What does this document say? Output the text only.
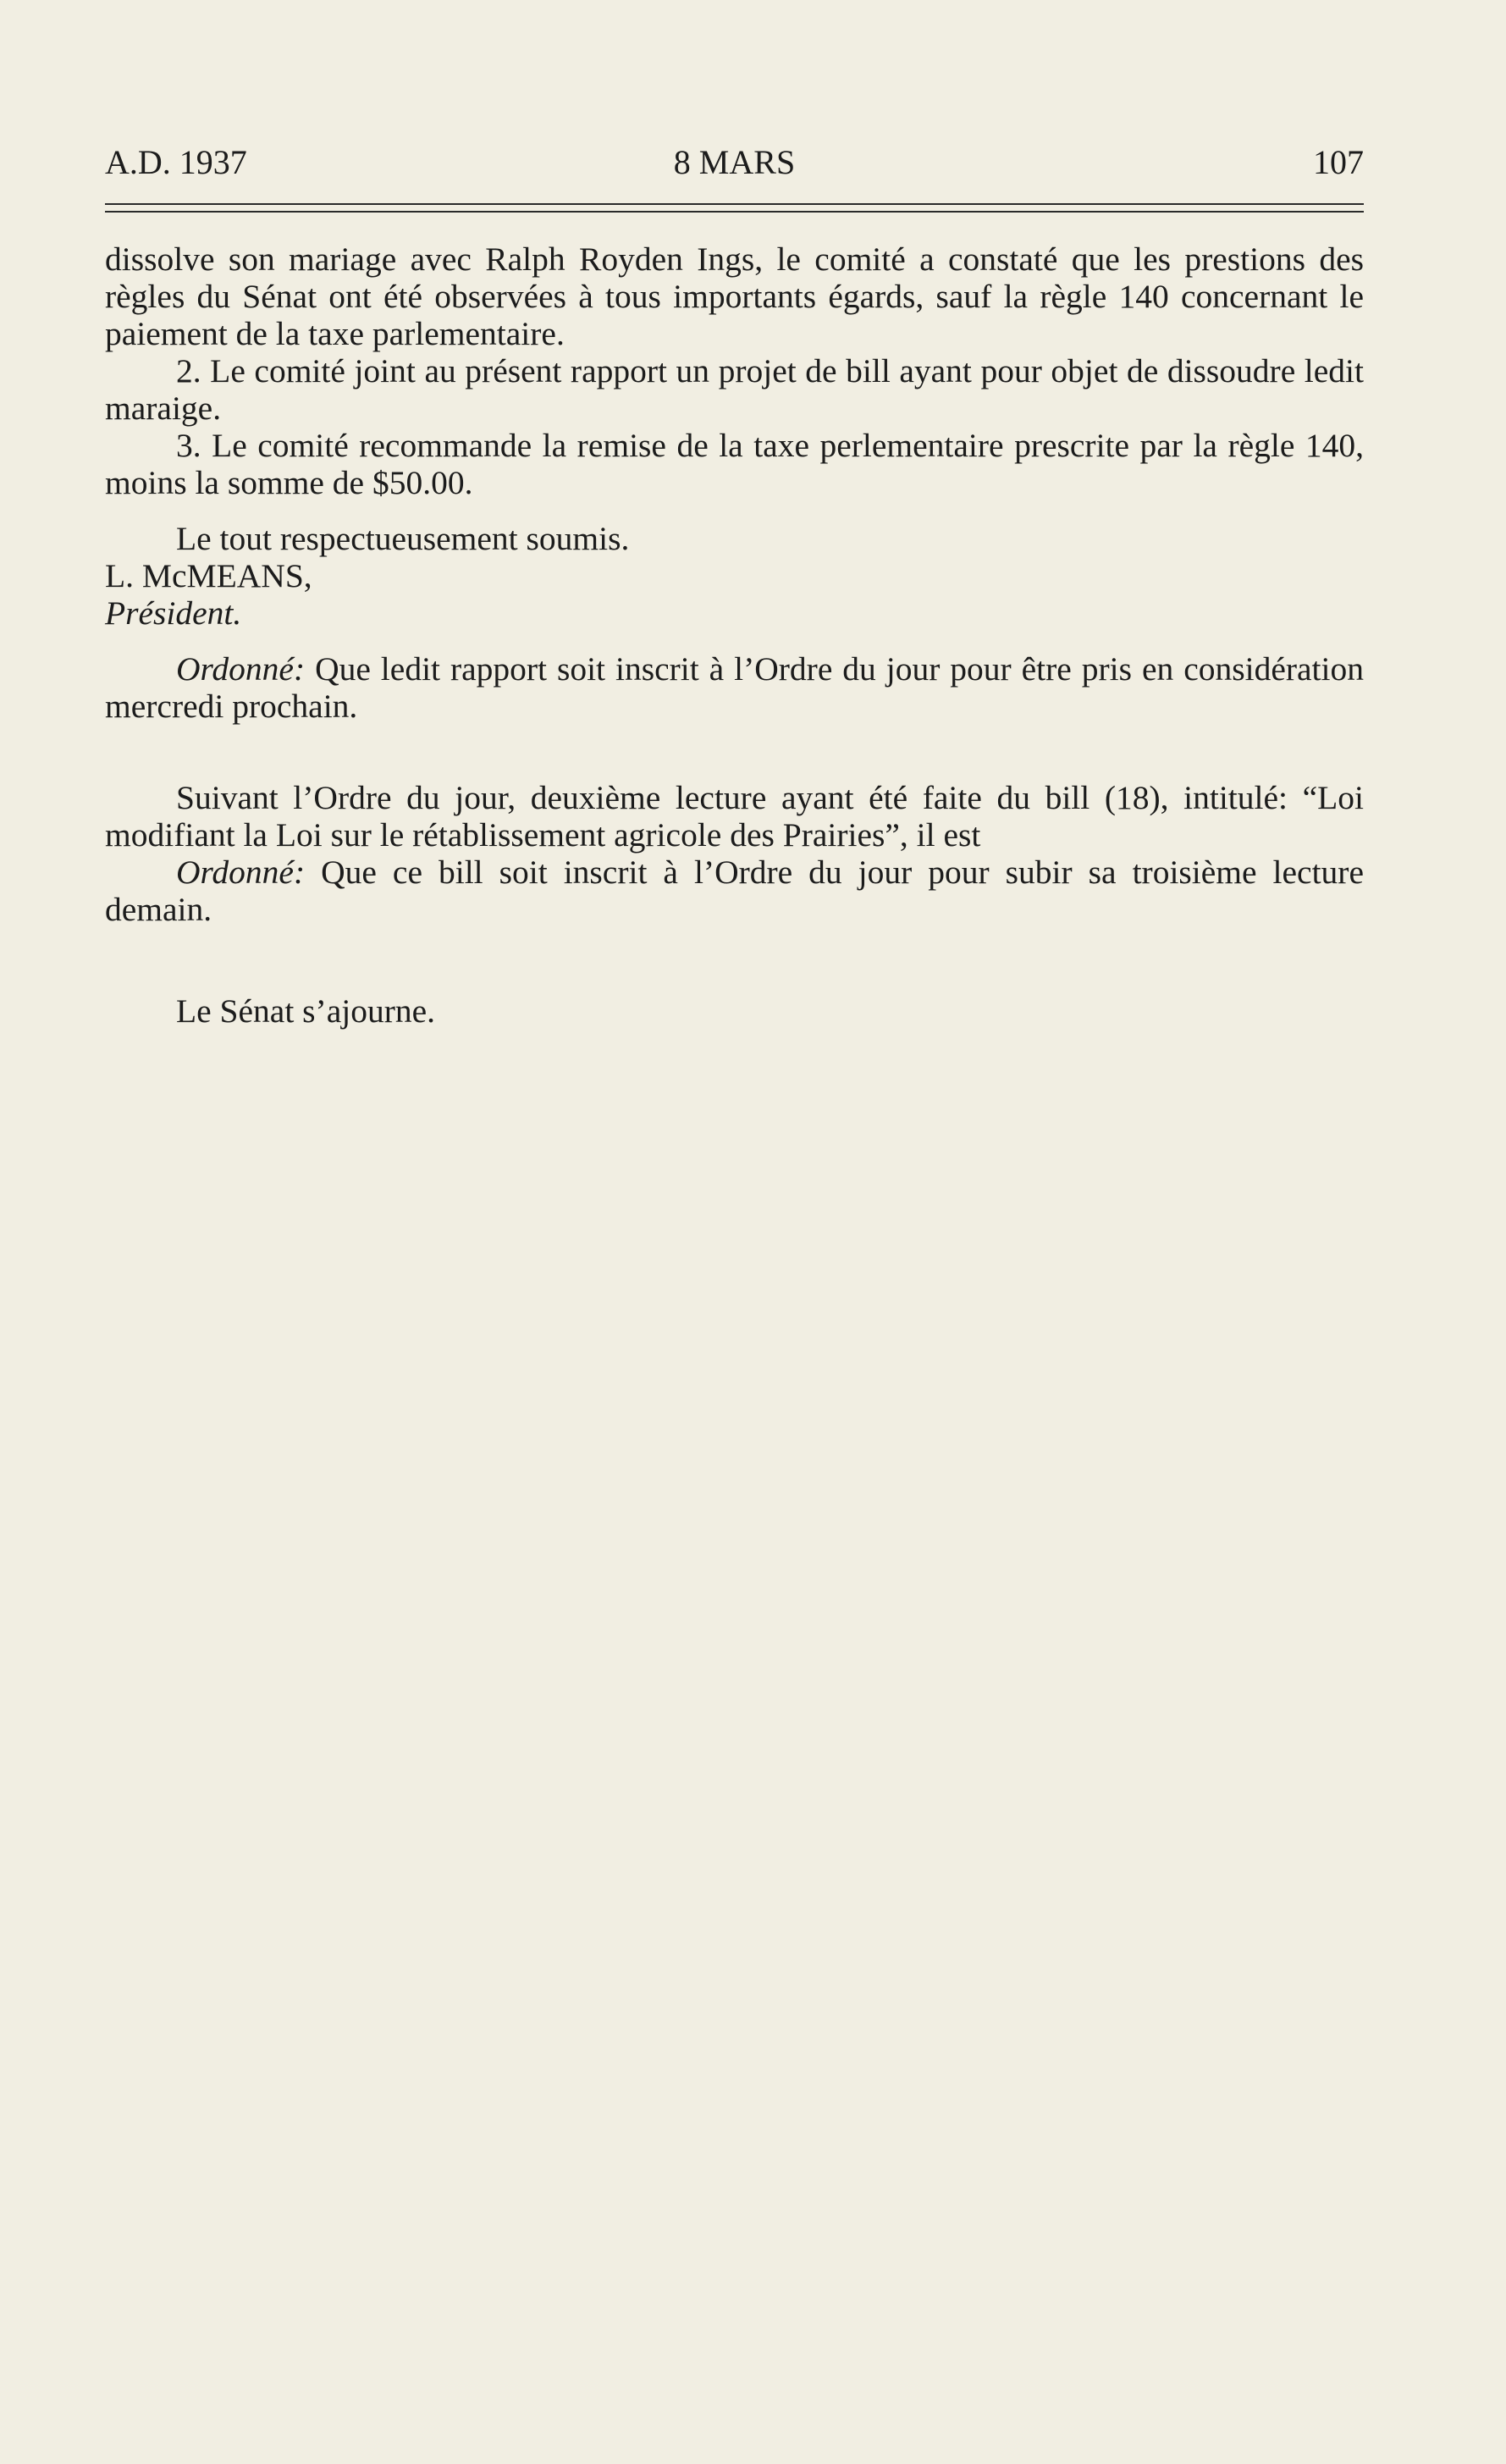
A.D. 1937	8 MARS	107

dissolve son mariage avec Ralph Royden Ings, le comité a constaté que les prestions des règles du Sénat ont été observées à tous importants égards, sauf la règle 140 concernant le paiement de la taxe parlementaire.

2. Le comité joint au présent rapport un projet de bill ayant pour objet de dissoudre ledit maraige.

3. Le comité recommande la remise de la taxe perlementaire prescrite par la règle 140, moins la somme de $50.00.

Le tout respectueusement soumis.

L. McMEANS,

Président.

Ordonné: Que ledit rapport soit inscrit à l’Ordre du jour pour être pris en considération mercredi prochain.

Suivant l’Ordre du jour, deuxième lecture ayant été faite du bill (18), intitulé: “Loi modifiant la Loi sur le rétablissement agricole des Prairies”, il est

Ordonné: Que ce bill soit inscrit à l’Ordre du jour pour subir sa troisième lecture demain.

Le Sénat s’ajourne.
